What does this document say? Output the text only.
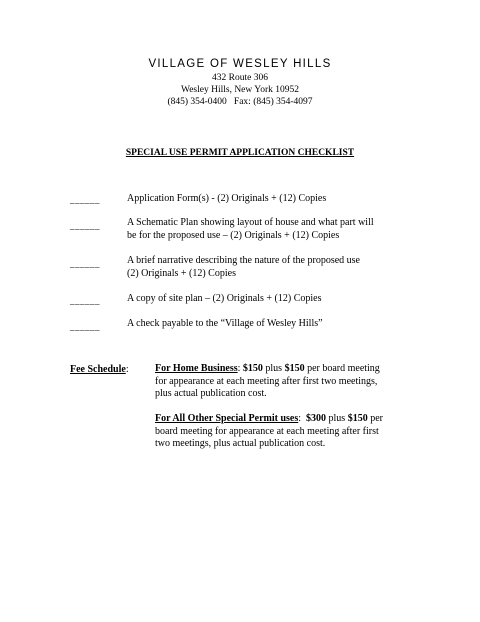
VILLAGE OF WESLEY HILLS
432 Route 306
Wesley Hills, New York 10952
(845) 354-0400   Fax: (845) 354-4097
SPECIAL USE PERMIT APPLICATION CHECKLIST
______	Application Form(s) - (2) Originals + (12) Copies
______	A Schematic Plan showing layout of house and what part will
be for the proposed use – (2) Originals + (12) Copies
______	A brief narrative describing the nature of the proposed use
(2) Originals + (12) Copies
______	A copy of site plan – (2) Originals + (12) Copies
______	A check payable to the “Village of Wesley Hills”
Fee Schedule:	For Home Business: $150 plus $150 per board meeting
for appearance at each meeting after first two meetings,
plus actual publication cost.
For All Other Special Permit uses: $300 plus $150 per
board meeting for appearance at each meeting after first
two meetings, plus actual publication cost.
